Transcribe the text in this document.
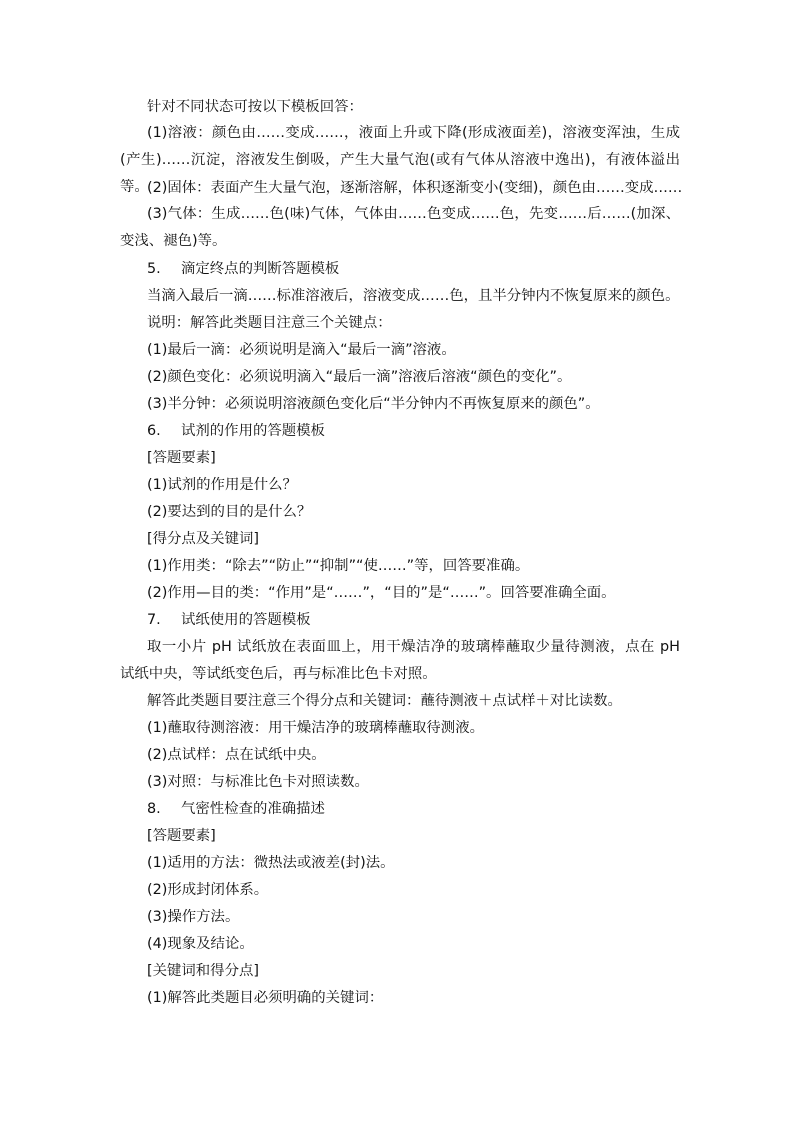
针对不同状态可按以下模板回答：
(1)溶液：颜色由……变成……，液面上升或下降(形成液面差)，溶液变浑浊，生成(产生)……沉淀，溶液发生倒吸，产生大量气泡(或有气体从溶液中逸出)，有液体溢出等。
(2)固体：表面产生大量气泡，逐渐溶解，体积逐渐变小(变细)，颜色由……变成……
(3)气体：生成……色(味)气体，气体由……色变成……色，先变……后……(加深、变浅、褪色)等。
5. 滴定终点的判断答题模板
当滴入最后一滴……标准溶液后，溶液变成……色，且半分钟内不恢复原来的颜色。
说明：解答此类题目注意三个关键点：
(1)最后一滴：必须说明是滴入“最后一滴”溶液。
(2)颜色变化：必须说明滴入“最后一滴”溶液后溶液“颜色的变化”。
(3)半分钟：必须说明溶液颜色变化后“半分钟内不再恢复原来的颜色”。
6. 试剂的作用的答题模板
[答题要素]
(1)试剂的作用是什么？
(2)要达到的目的是什么？
[得分点及关键词]
(1)作用类：“除去”“防止”“抑制”“使……”等，回答要准确。
(2)作用—目的类：“作用”是“……”，“目的”是“……”。回答要准确全面。
7. 试纸使用的答题模板
取一小片 pH 试纸放在表面皿上，用干燥洁净的玻璃棒蘸取少量待测液，点在 pH 试纸中央，等试纸变色后，再与标准比色卡对照。
解答此类题目要注意三个得分点和关键词：蘸待测液＋点试样＋对比读数。
(1)蘸取待测溶液：用干燥洁净的玻璃棒蘸取待测液。
(2)点试样：点在试纸中央。
(3)对照：与标准比色卡对照读数。
8. 气密性检查的准确描述
[答题要素]
(1)适用的方法：微热法或液差(封)法。
(2)形成封闭体系。
(3)操作方法。
(4)现象及结论。
[关键词和得分点]
(1)解答此类题目必须明确的关键词：
